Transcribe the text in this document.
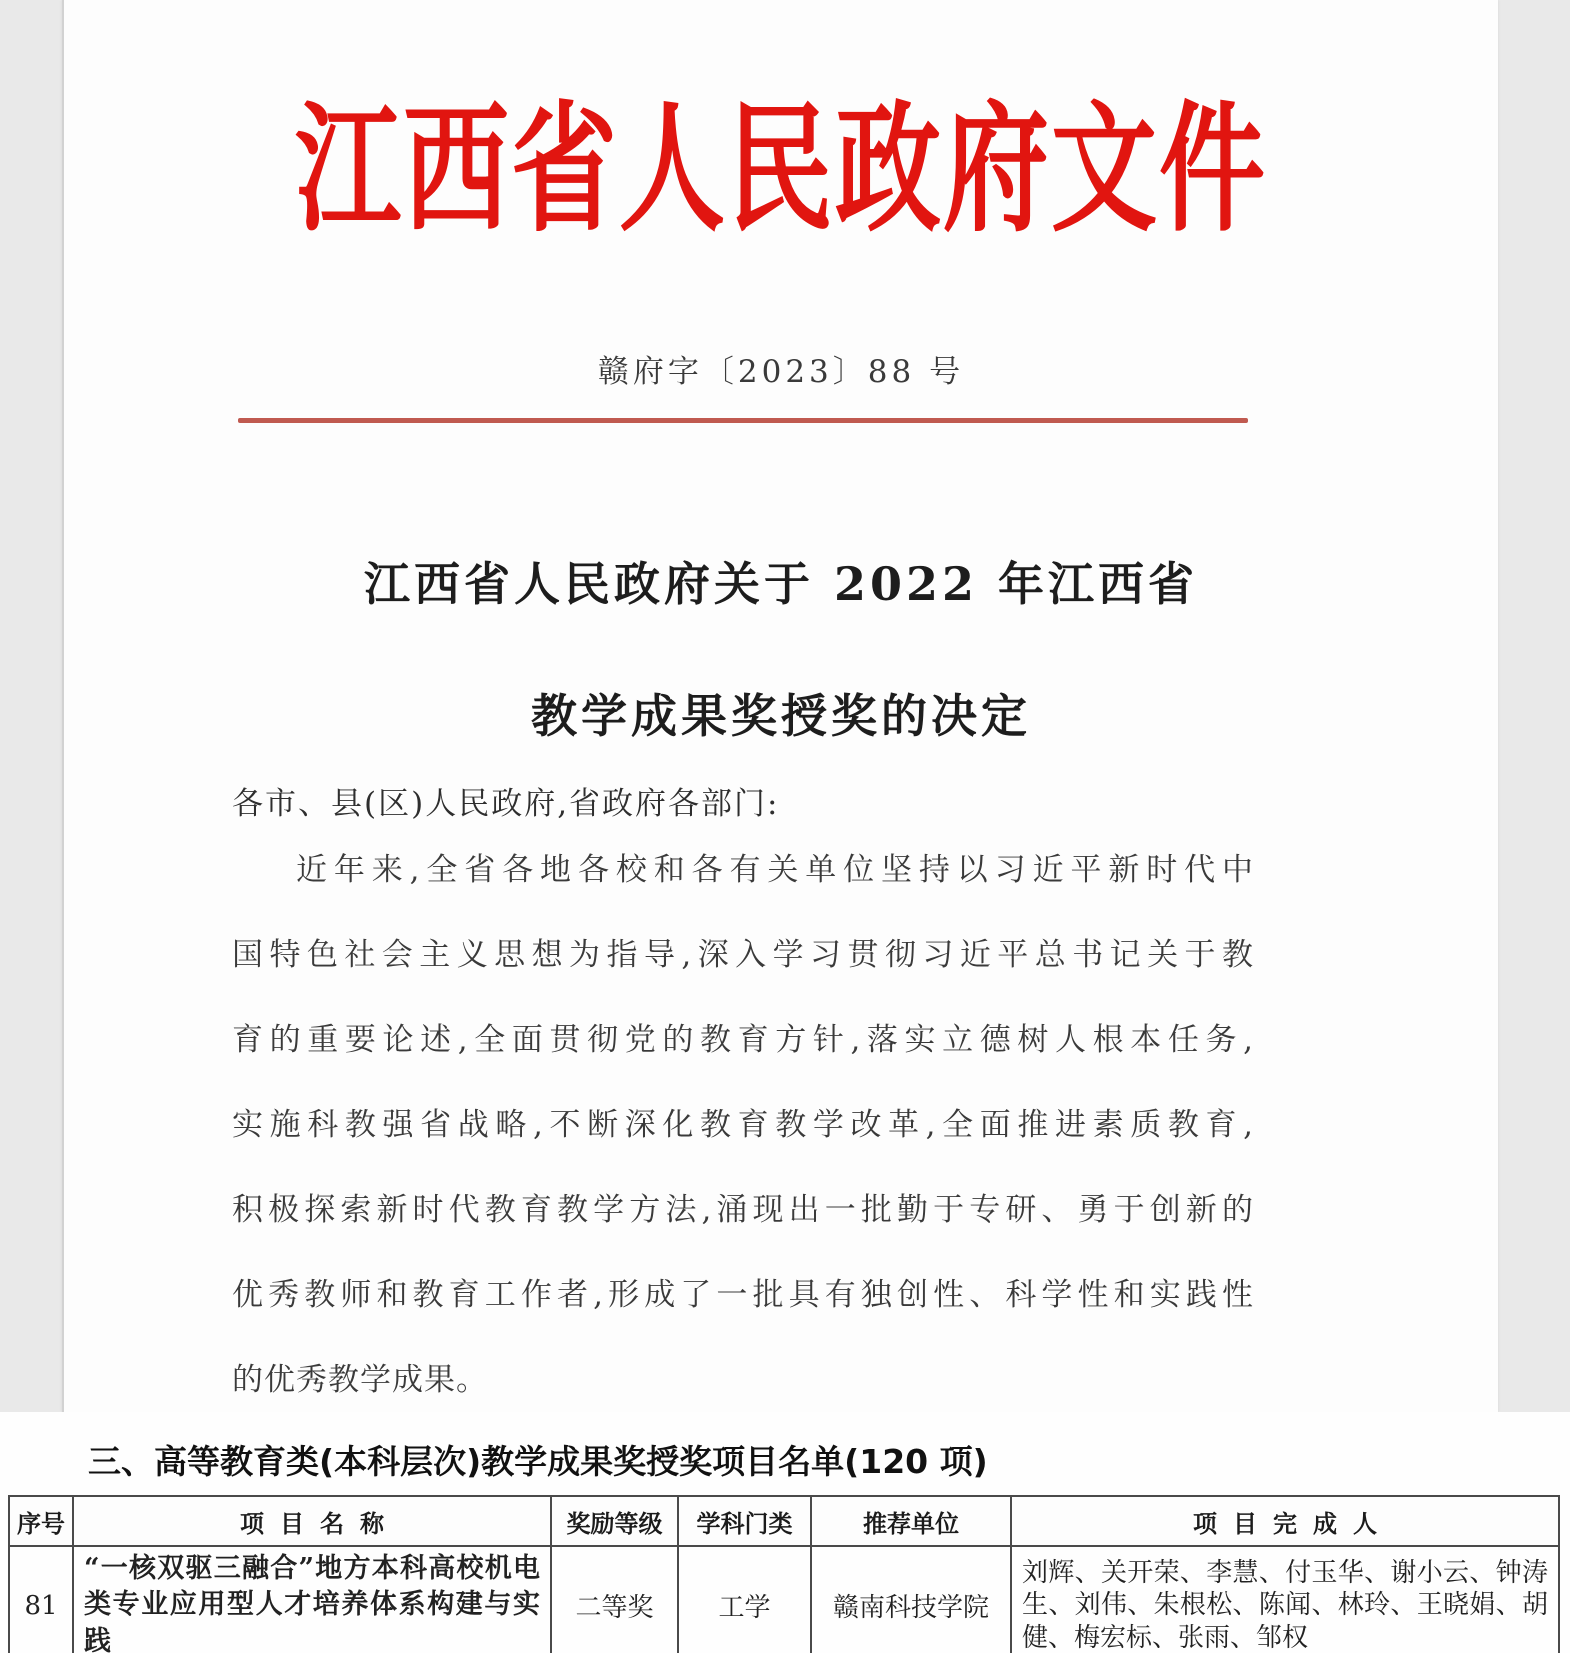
江西省人民政府文件
赣府字〔2023〕88 号
江西省人民政府关于 2022 年江西省
教学成果奖授奖的决定
各市、县(区)人民政府,省政府各部门:
近年来,全省各地各校和各有关单位坚持以习近平新时代中
国特色社会主义思想为指导,深入学习贯彻习近平总书记关于教
育的重要论述,全面贯彻党的教育方针,落实立德树人根本任务,
实施科教强省战略,不断深化教育教学改革,全面推进素质教育,
积极探索新时代教育教学方法,涌现出一批勤于专研、勇于创新的
优秀教师和教育工作者,形成了一批具有独创性、科学性和实践性
的优秀教学成果。
三、高等教育类(本科层次)教学成果奖授奖项目名单(120 项)
序号	项目名称	奖励等级	学科门类	推荐单位	项目完成人
81	“一核双驱三融合”地方本科高校机电类专业应用型人才培养体系构建与实践	二等奖	工学	赣南科技学院	刘辉、关开荣、李慧、付玉华、谢小云、钟涛生、刘伟、朱根松、陈闻、林玲、王晓娟、胡健、梅宏标、张雨、邹权
